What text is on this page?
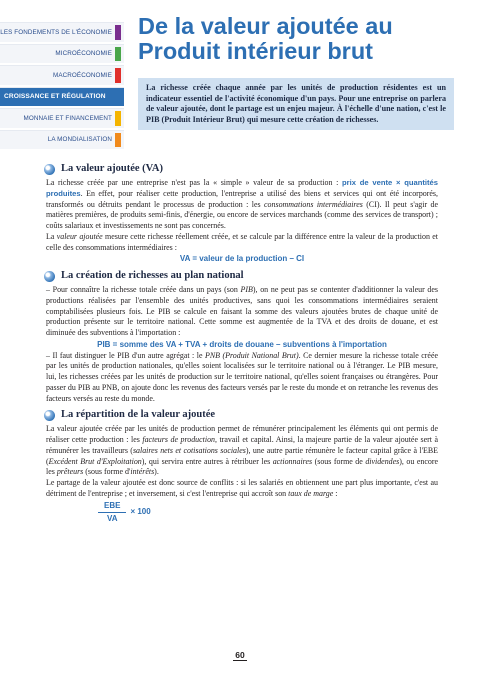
LES FONDEMENTS DE L'ÉCONOMIE
MICROÉCONOMIE
MACROÉCONOMIE
CROISSANCE ET RÉGULATION
MONNAIE ET FINANCEMENT
LA MONDIALISATION
De la valeur ajoutée au
Produit intérieur brut
La richesse créée chaque année par les unités de production résidentes est un indicateur essentiel de l'activité économique d'un pays. Pour une entreprise on parlera de valeur ajoutée, dont le partage est un enjeu majeur. À l'échelle d'une nation, c'est le PIB (Produit Intérieur Brut) qui mesure cette création de richesses.
La valeur ajoutée (VA)

La richesse créée par une entreprise n'est pas la « simple » valeur de sa production : prix de vente × quantités produites. En effet, pour réaliser cette production, l'entreprise a utilisé des biens et services qui ont été incorporés, transformés ou détruits pendant le processus de production : les consommations intermédiaires (CI). Il peut s'agir de matières premières, de produits semi-finis, d'énergie, ou encore de services marchands (comme des services de transport) ; coûts salariaux et investissements ne sont pas concernés.

La valeur ajoutée mesure cette richesse réellement créée, et se calcule par la différence entre la valeur de la production et celle des consommations intermédiaires :

VA = valeur de la production – CI

La création de richesses au plan national

– Pour connaître la richesse totale créée dans un pays (son PIB), on ne peut pas se contenter d'additionner la valeur des productions réalisées par l'ensemble des unités productives, sans quoi les consommations intermédiaires seraient comptabilisées plusieurs fois. Le PIB se calcule en faisant la somme des valeurs ajoutées brutes de chaque unité de production présente sur le territoire national. Cette somme est augmentée de la TVA et des droits de douane, et est diminuée des subventions à l'importation :

PIB = somme des VA + TVA + droits de douane – subventions à l'importation

– Il faut distinguer le PIB d'un autre agrégat : le PNB (Produit National Brut). Ce dernier mesure la richesse totale créée par les unités de production nationales, qu'elles soient localisées sur le territoire national ou à l'étranger. Le PIB mesure, lui, les richesses créées par les unités de production sur le territoire national, qu'elles soient françaises ou étrangères. Pour passer du PIB au PNB, on ajoute donc les revenus des facteurs versés par le reste du monde et on retranche les revenus des facteurs versés au reste du monde.

La répartition de la valeur ajoutée

La valeur ajoutée créée par les unités de production permet de rémunérer principalement les éléments qui ont permis de réaliser cette production : les facteurs de production, travail et capital. Ainsi, la majeure partie de la valeur ajoutée sert à rémunérer les travailleurs (salaires nets et cotisations sociales), une autre partie rémunère le facteur capital grâce à l'EBE (Excédent Brut d'Exploitation), qui servira entre autres à rétribuer les actionnaires (sous forme de dividendes), ou encore les prêteurs (sous forme d'intérêts).

Le partage de la valeur ajoutée est donc source de conflits : si les salariés en obtiennent une part plus importante, c'est au détriment de l'entreprise ; et inversement, si c'est l'entreprise qui accroît son taux de marge :

$\frac{\text{EBE}}{VA} \times 100$
60
